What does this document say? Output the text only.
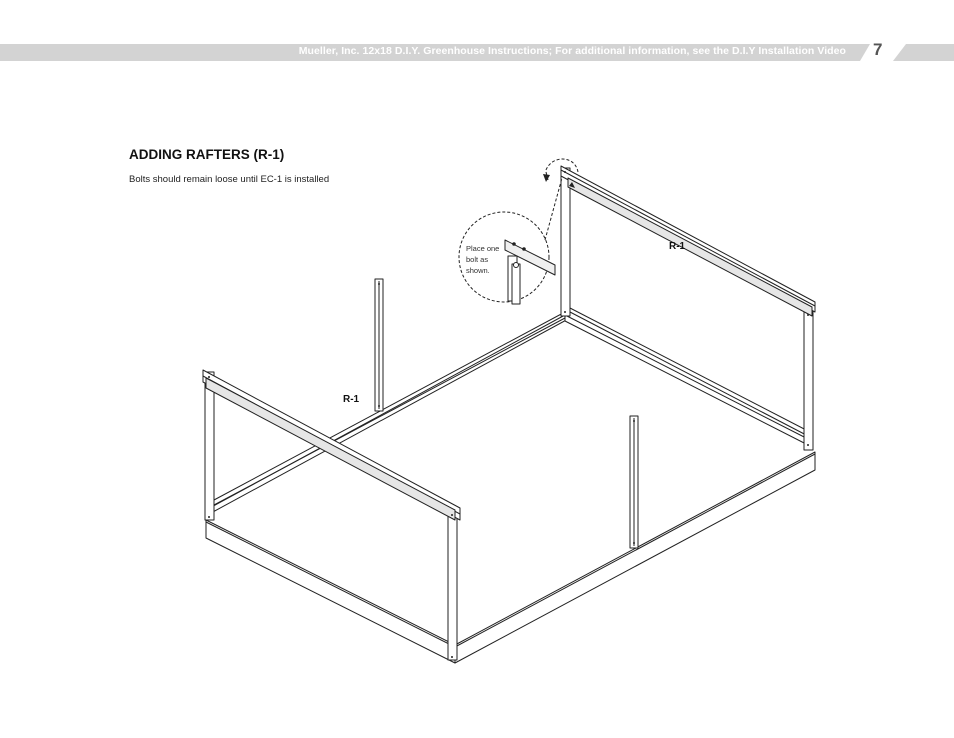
Mueller, Inc. 12x18 D.I.Y. Greenhouse Instructions; For additional information, see the D.I.Y Installation Video 7
ADDING RAFTERS (R-1)
Bolts should remain loose until EC-1 is installed
Place one
bolt as
shown.
R-1
R-1
